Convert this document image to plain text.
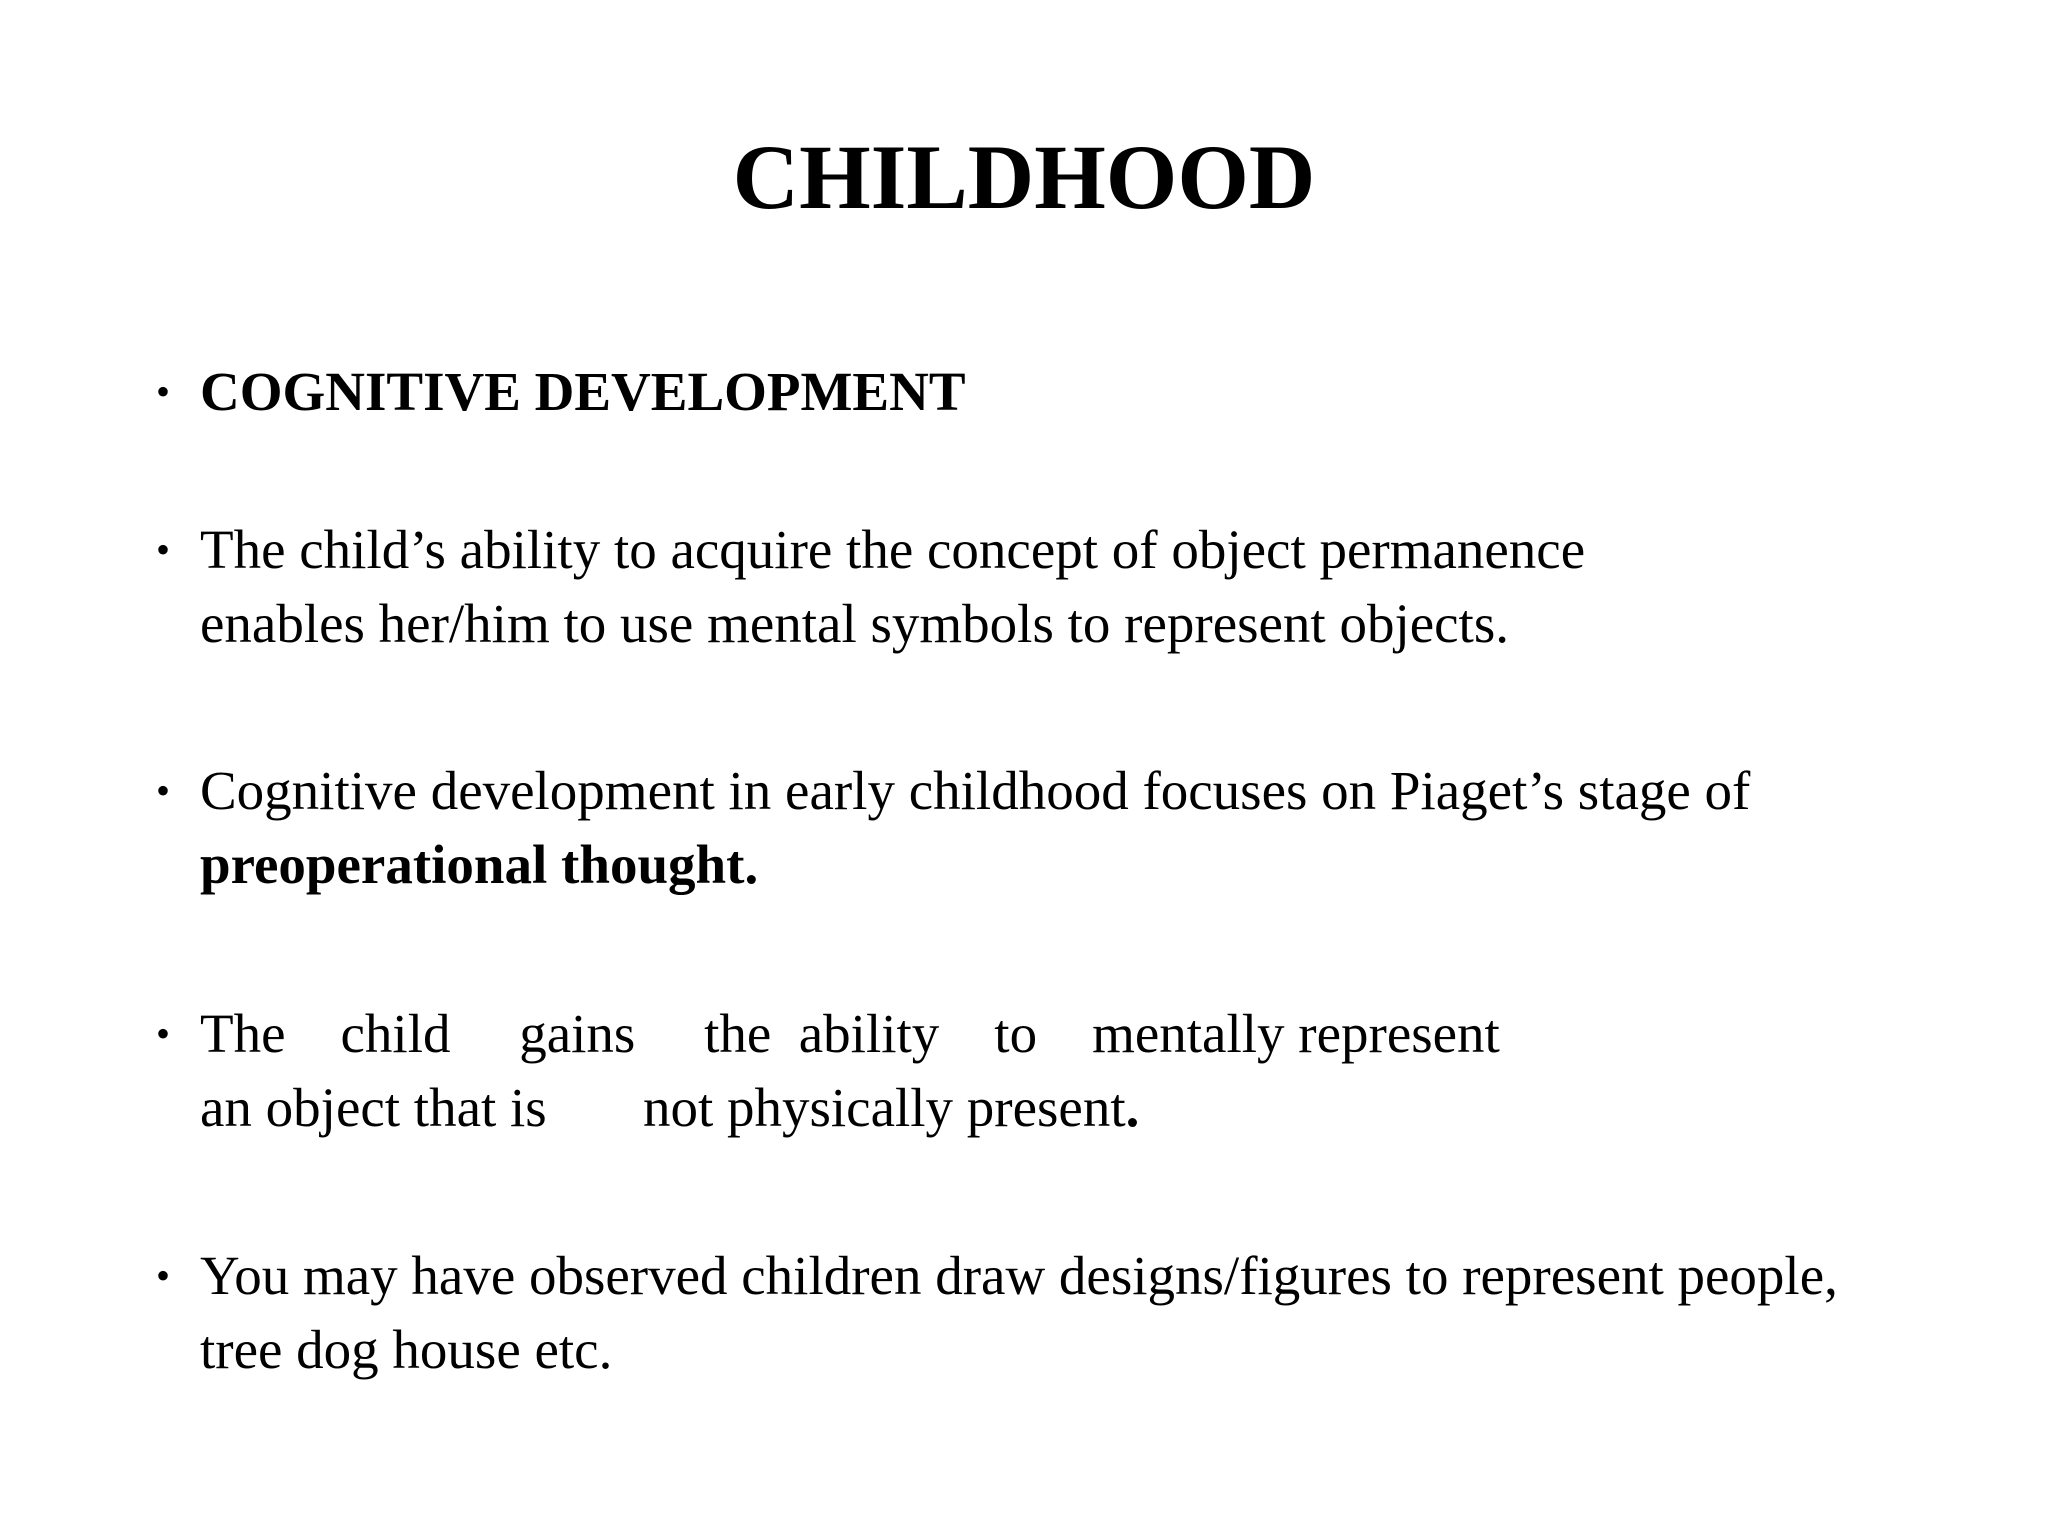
CHILDHOOD
• COGNITIVE DEVELOPMENT
• The child’s ability to acquire the concept of object permanence
enables her/him to use mental symbols to represent objects.
• Cognitive development in early childhood focuses on Piaget’s stage of
preoperational thought.
• The    child     gains     the  ability    to    mentally represent
an object that is       not physically present.
• You may have observed children draw designs/figures to represent people,
tree dog house etc.
